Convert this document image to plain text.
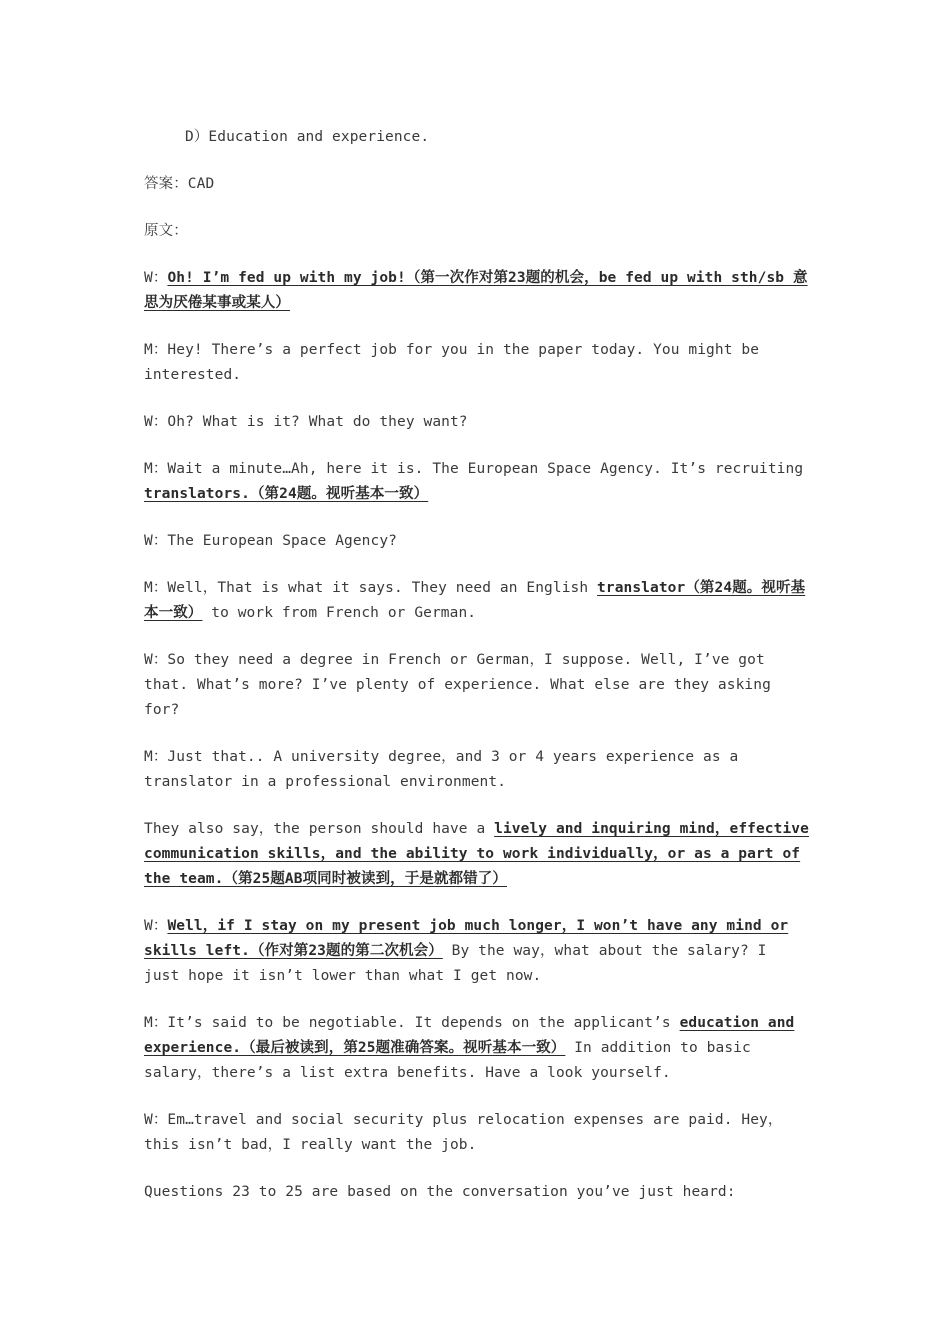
D）Education and experience.

答案：CAD

原文：

W：Oh! I’m fed up with my job!（第一次作对第23题的机会，be fed up with sth/sb 意思为厌倦某事或某人）

M：Hey! There’s a perfect job for you in the paper today. You might be interested.

W：Oh? What is it? What do they want?

M：Wait a minute…Ah, here it is. The European Space Agency. It’s recruiting translators.（第24题。视听基本一致）

W：The European Space Agency?

M：Well，That is what it says. They need an English translator（第24题。视听基本一致） to work from French or German.

W：So they need a degree in French or German，I suppose. Well, I’ve got that. What’s more? I’ve plenty of experience. What else are they asking for?

M：Just that.. A university degree，and 3 or 4 years experience as a translator in a professional environment.

They also say，the person should have a lively and inquiring mind，effective communication skills，and the ability to work individually，or as a part of the team.（第25题AB项同时被读到，于是就都错了）

W：Well，if I stay on my present job much longer，I won’t have any mind or skills left.（作对第23题的第二次机会） By the way，what about the salary? I just hope it isn’t lower than what I get now.

M：It’s said to be negotiable. It depends on the applicant’s education and experience.（最后被读到，第25题准确答案。视听基本一致） In addition to basic salary，there’s a list extra benefits. Have a look yourself.

W：Em…travel and social security plus relocation expenses are paid. Hey，this isn’t bad，I really want the job.

Questions 23 to 25 are based on the conversation you’ve just heard:
